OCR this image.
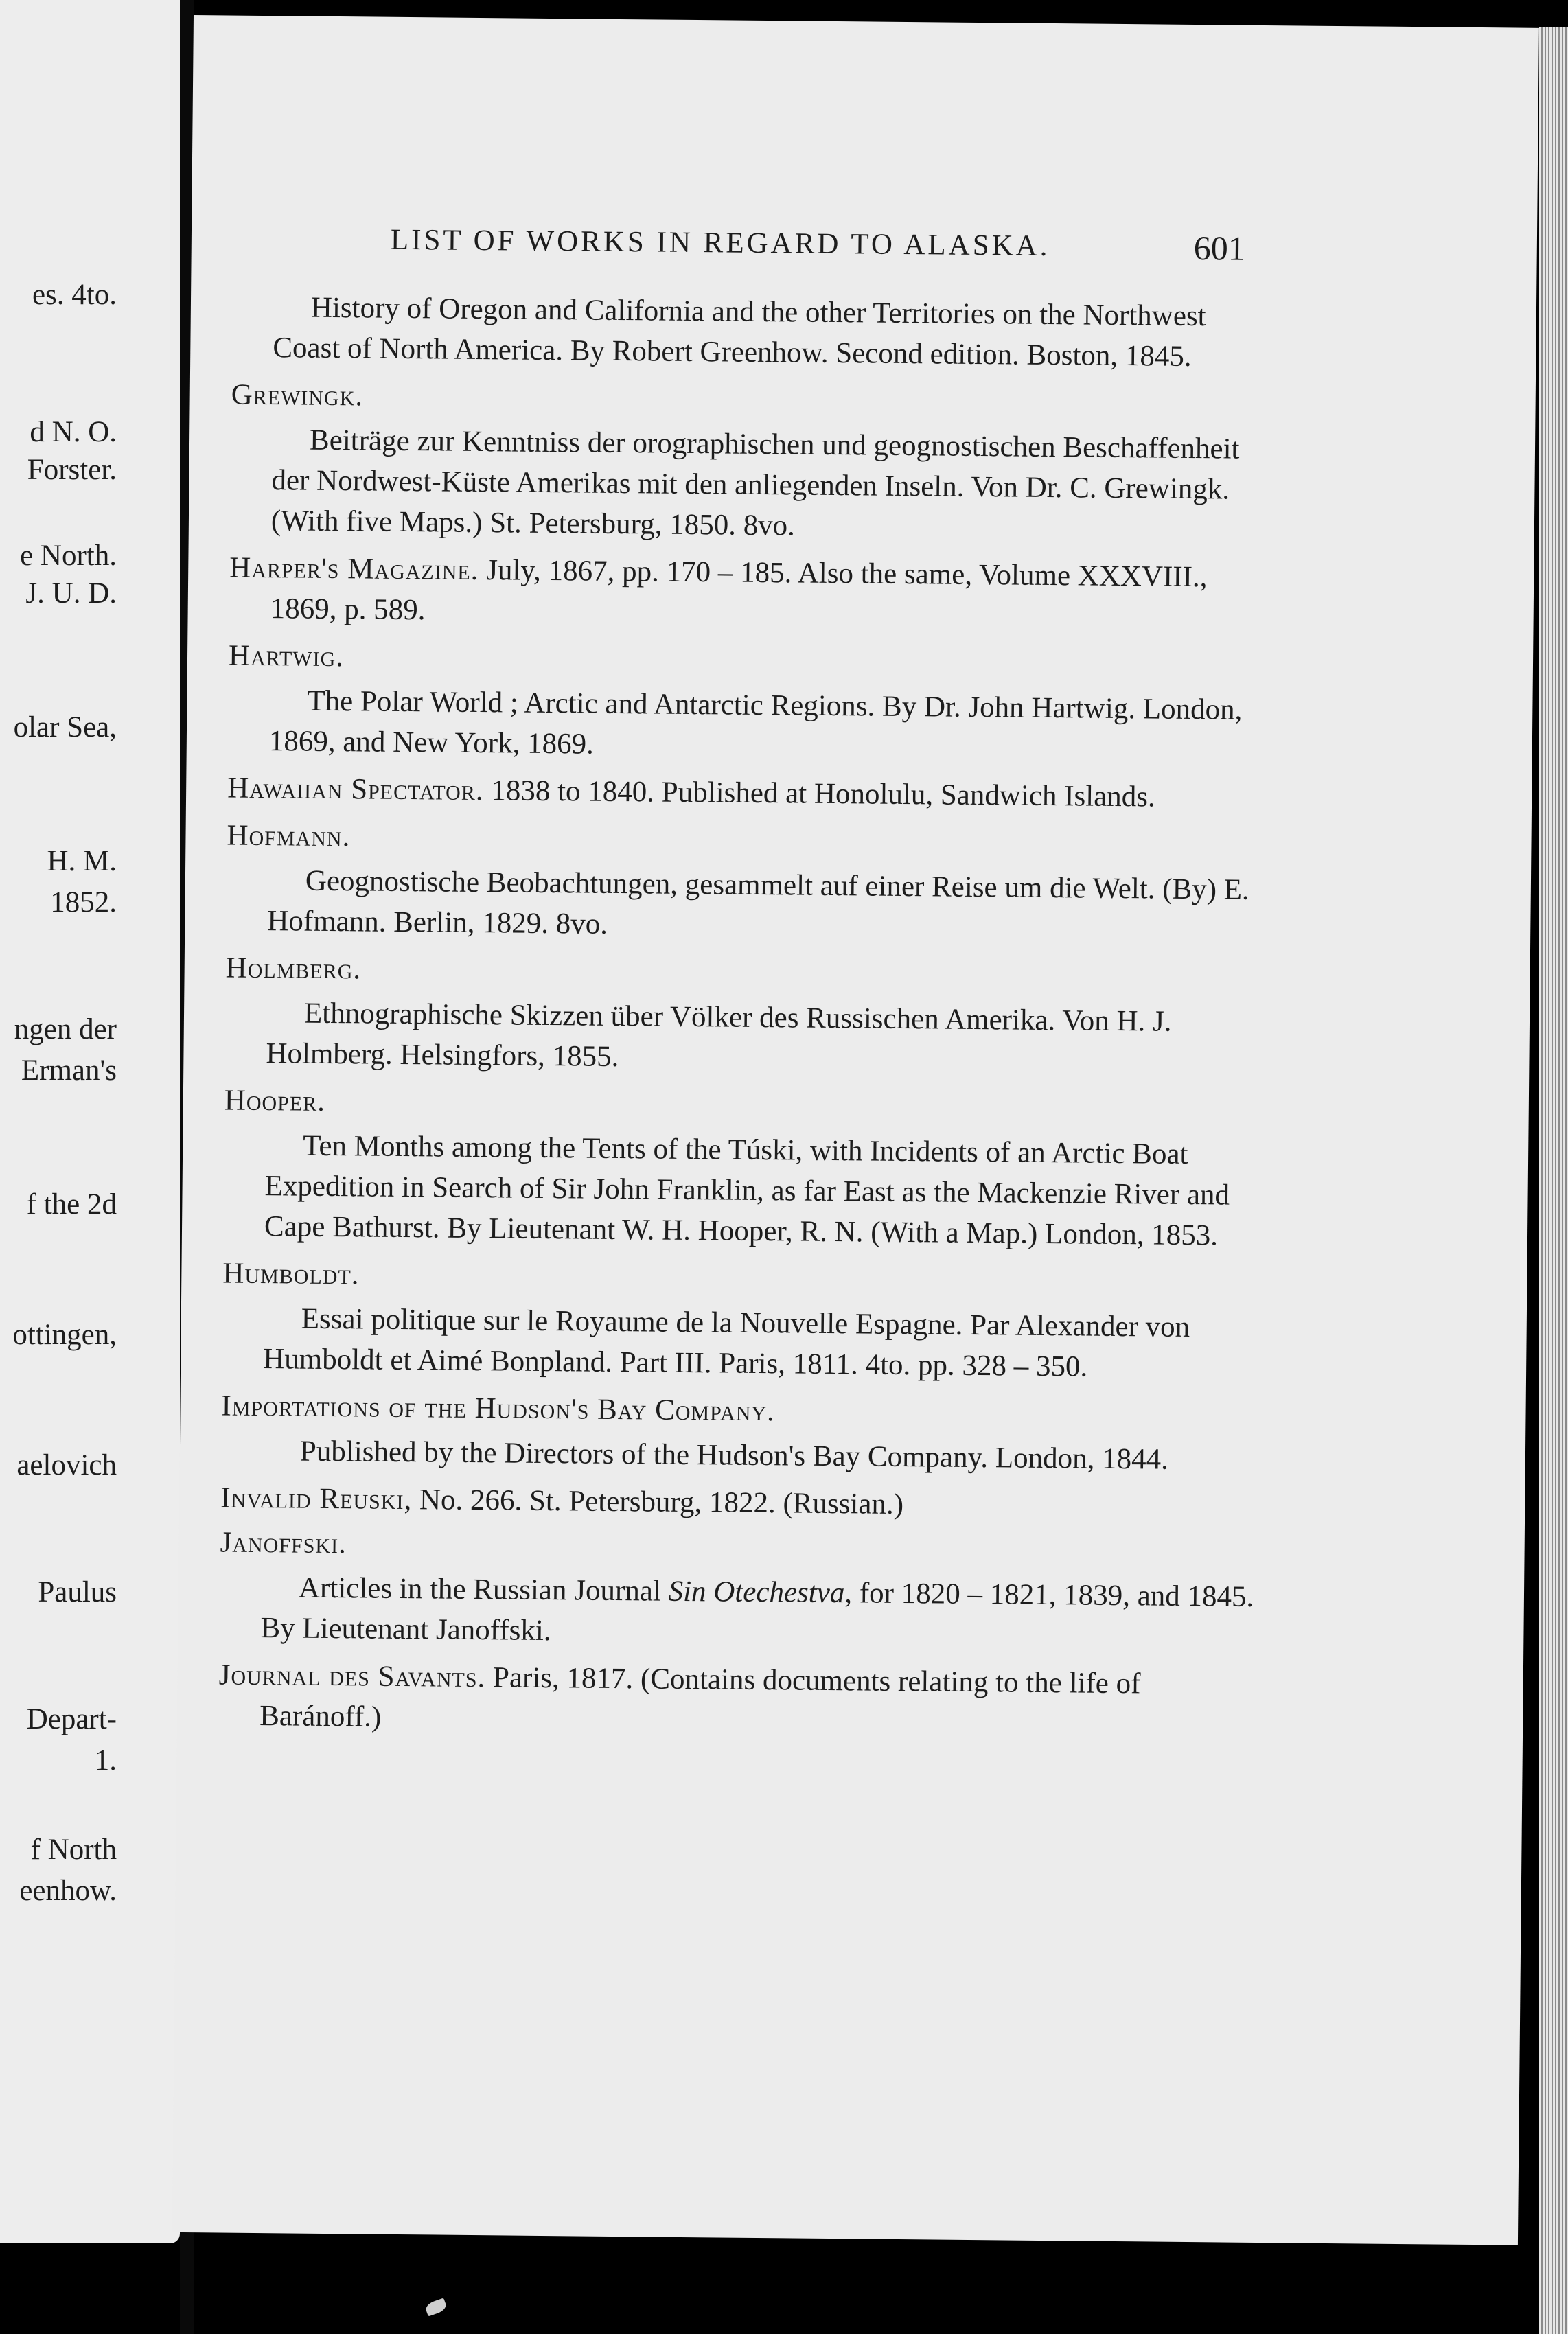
es. 4to.
d N. O.
Forster.
e North.
J. U. D.
olar Sea,
H. M.
1852.
ngen der
Erman's
f the 2d
ottingen,
aelovich
Paulus
Depart-
1.
f North
eenhow.
LIST OF WORKS IN REGARD TO ALASKA.	601

History of Oregon and California and the other Territories on the Northwest Coast of North America. By Robert Greenhow. Second edition. Boston, 1845.

Grewingk.

Beiträge zur Kenntniss der orographischen und geognostischen Beschaffenheit der Nordwest-Küste Amerikas mit den anliegenden Inseln. Von Dr. C. Grewingk. (With five Maps.) St. Petersburg, 1850. 8vo.

Harper's Magazine. July, 1867, pp. 170 – 185. Also the same, Volume XXXVIII., 1869, p. 589.

Hartwig.

The Polar World ; Arctic and Antarctic Regions. By Dr. John Hartwig. London, 1869, and New York, 1869.

Hawaiian Spectator. 1838 to 1840. Published at Honolulu, Sandwich Islands.

Hofmann.

Geognostische Beobachtungen, gesammelt auf einer Reise um die Welt. (By) E. Hofmann. Berlin, 1829. 8vo.

Holmberg.

Ethnographische Skizzen über Völker des Russischen Amerika. Von H. J. Holmberg. Helsingfors, 1855.

Hooper.

Ten Months among the Tents of the Túski, with Incidents of an Arctic Boat Expedition in Search of Sir John Franklin, as far East as the Mackenzie River and Cape Bathurst. By Lieutenant W. H. Hooper, R. N. (With a Map.) London, 1853.

Humboldt.

Essai politique sur le Royaume de la Nouvelle Espagne. Par Alexander von Humboldt et Aimé Bonpland. Part III. Paris, 1811. 4to. pp. 328 – 350.

Importations of the Hudson's Bay Company.

Published by the Directors of the Hudson's Bay Company. London, 1844.

Invalid Reuski, No. 266. St. Petersburg, 1822. (Russian.)

Janoffski.

Articles in the Russian Journal Sin Otechestva, for 1820 – 1821, 1839, and 1845. By Lieutenant Janoffski.

Journal des Savants. Paris, 1817. (Contains documents relating to the life of Baránoff.)
